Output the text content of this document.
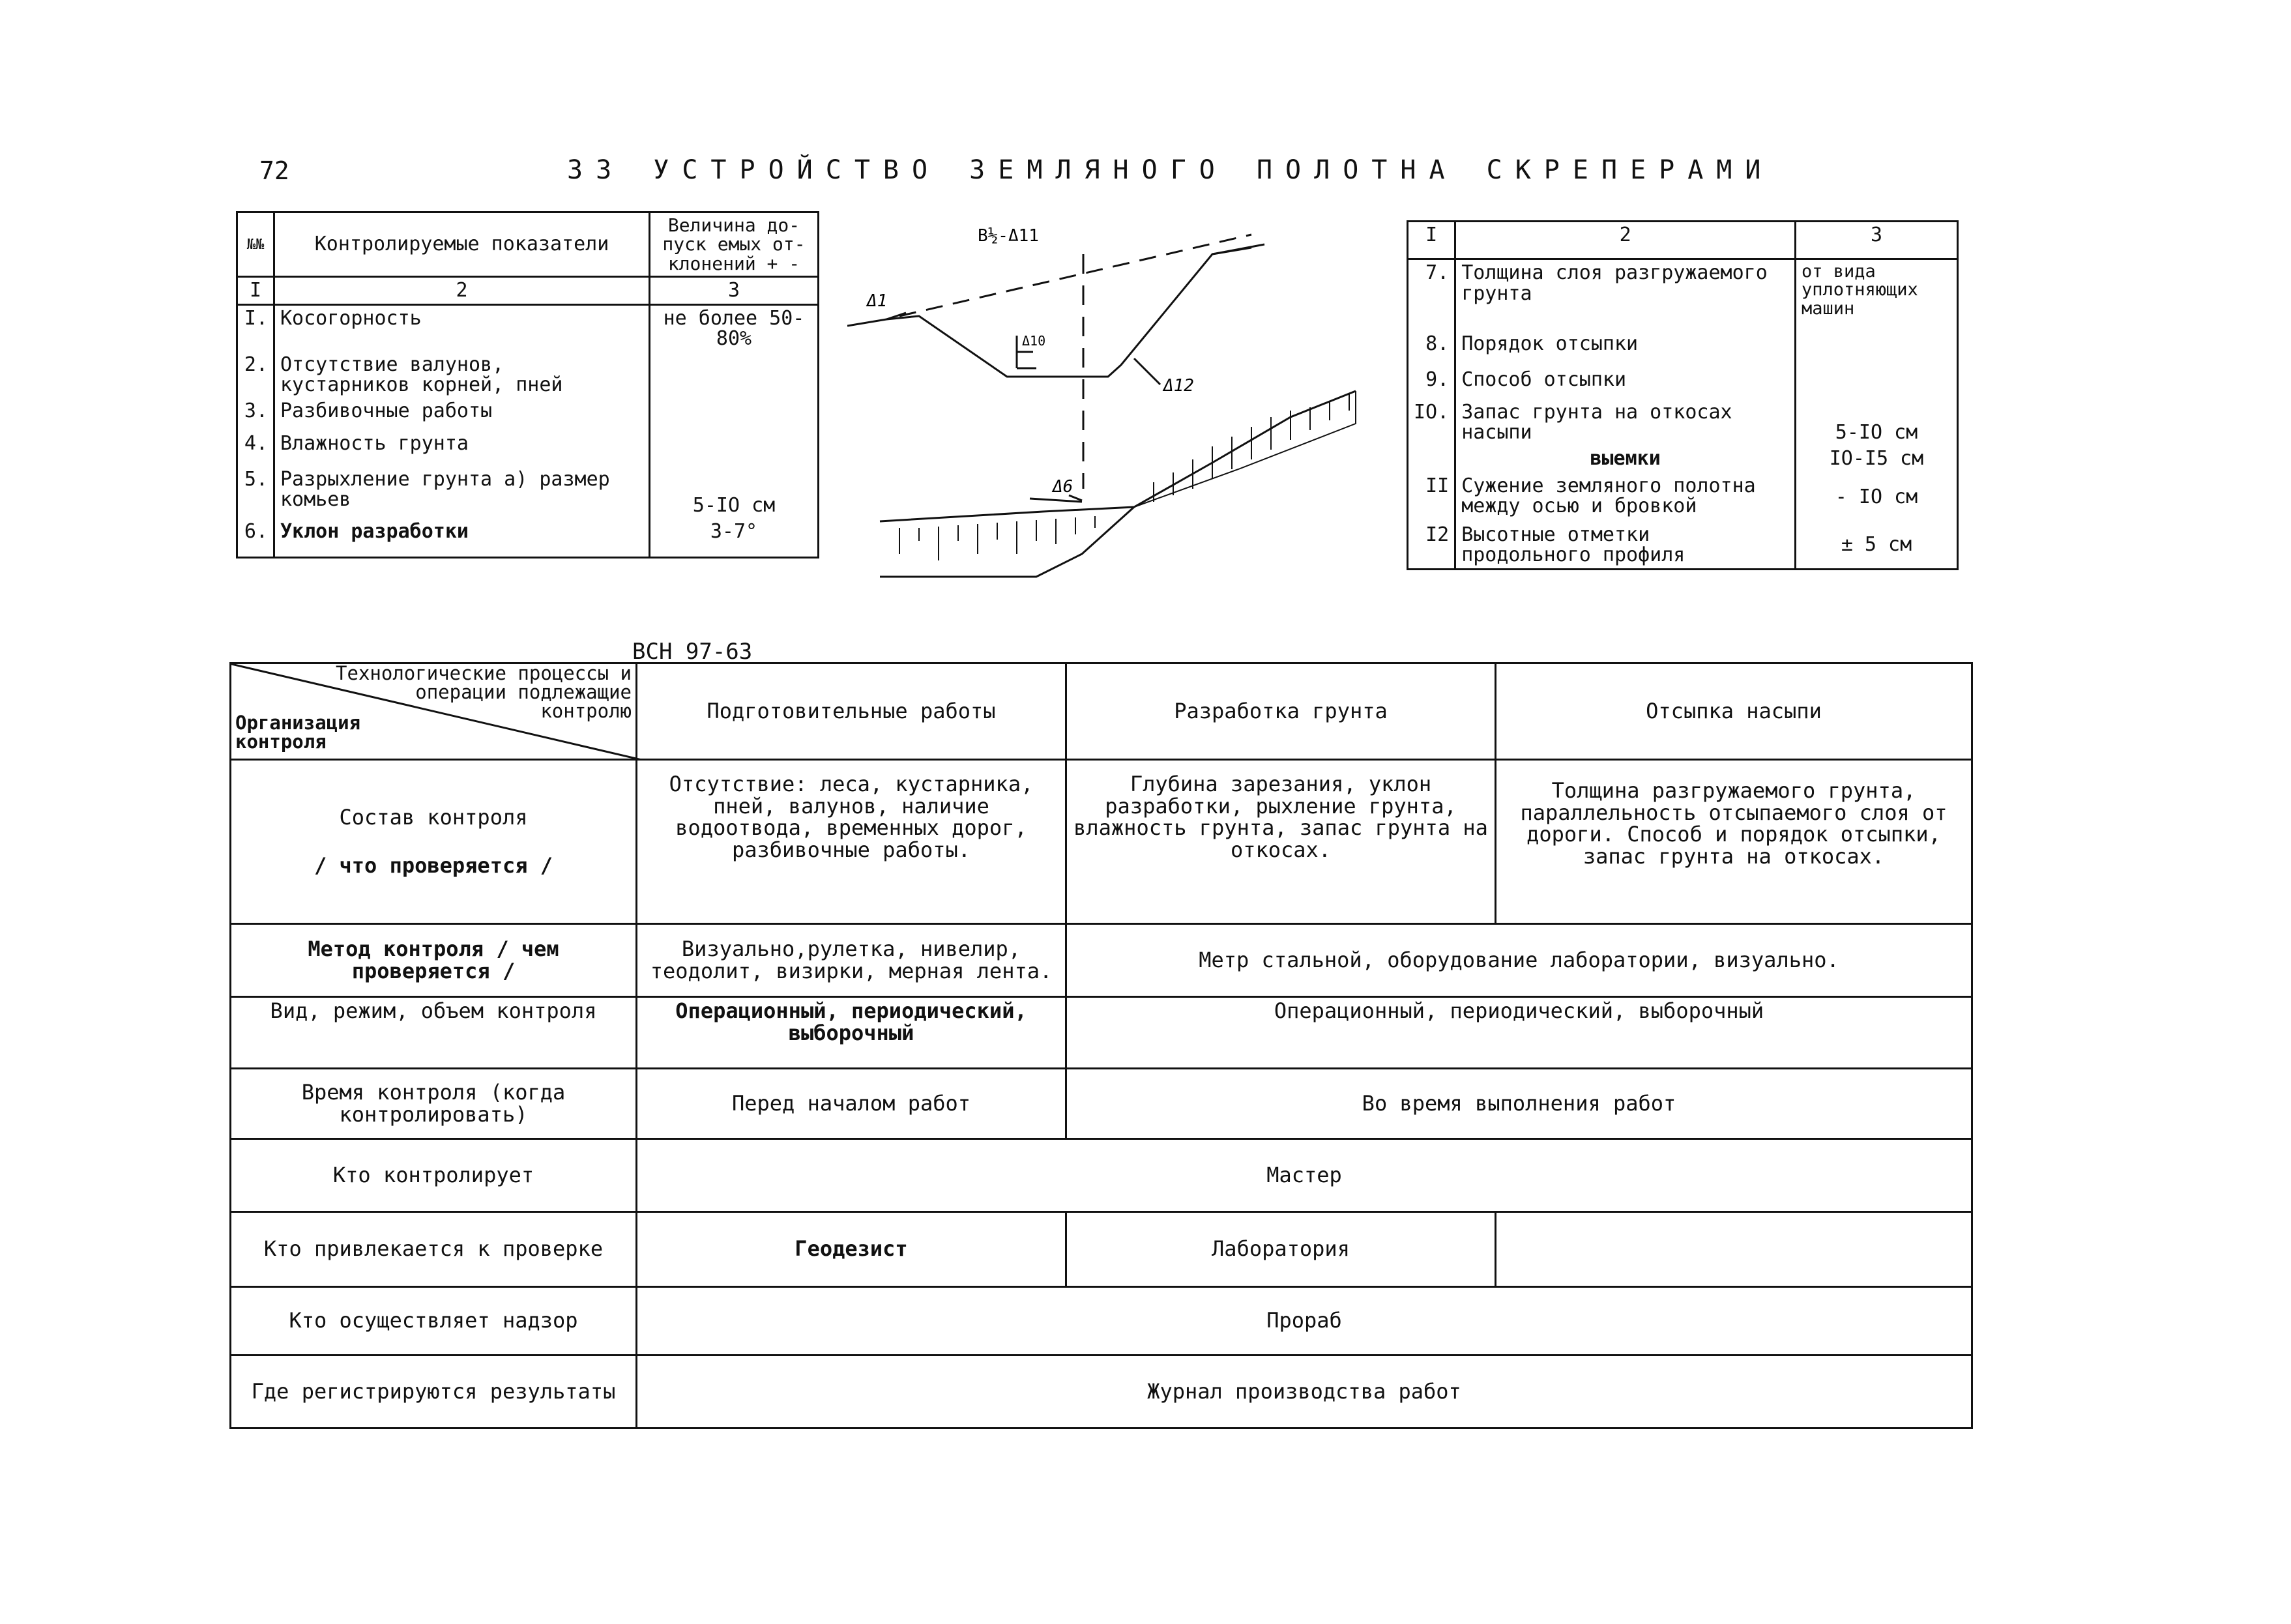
72	33 УСТРОЙСТВО ЗЕМЛЯНОГО ПОЛОТНА СКРЕПЕРАМИ
№№	Контролируемые показатели	Величина до-пуск емых от-клонений + -
I	2	3
I.	Косогорность	не более 50-80%
2.	Отсутствие валунов, кустарников корней, пней	
3.	Разбивочные работы	
4.	Влажность грунта	
5.	Разрыхление грунта а) размер комьев	5-IO см
6.	Уклон разработки	3-7°
B½-Δ11
Δ1
Δ10
Δ12
Δ6
I	2	3
7.	Толщина слоя разгружаемого грунта	от вида уплотняющих машин
8.	Порядок отсыпки	
9.	Способ отсыпки	
IO.	Запас грунта на откосах насыпи	5-IO см
	выемки	IO-I5 см
II	Сужение земляного полотна между осью и бровкой	- IO см
I2	Высотные отметки продольного профиля	± 5 см
ВСН 97-63
Технологические процессы и операции подлежащие контролю
Организация контроля	Подготовительные работы	Разработка грунта	Отсыпка насыпи

Состав контроля
/ что проверяется /	Отсутствие: леса, кустарника, пней, валунов, наличие водоотвода, временных дорог, разбивочные работы.	Глубина зарезания, уклон разработки, рыхление грунта, влажность грунта, запас грунта на откосах.	Толщина разгружаемого грунта, параллельность отсыпаемого слоя от дороги. Способ и порядок отсыпки, запас грунта на откосах.
Метод контроля / чем проверяется /	Визуально,рулетка, нивелир, теодолит, визирки, мерная лента.	Метр стальной, оборудование лаборатории, визуально.	
Вид, режим, объем контроля	Операционный, периодический, выборочный	Операционный, периодический, выборочный	
Время контроля (когда контролировать)	Перед началом работ	Во время выполнения работ	
Кто контролирует	Мастер		
Кто привлекается к проверке	Геодезист	Лаборатория	
Кто осуществляет надзор	Прораб		
Где регистрируются результаты	Журнал производства работ		
